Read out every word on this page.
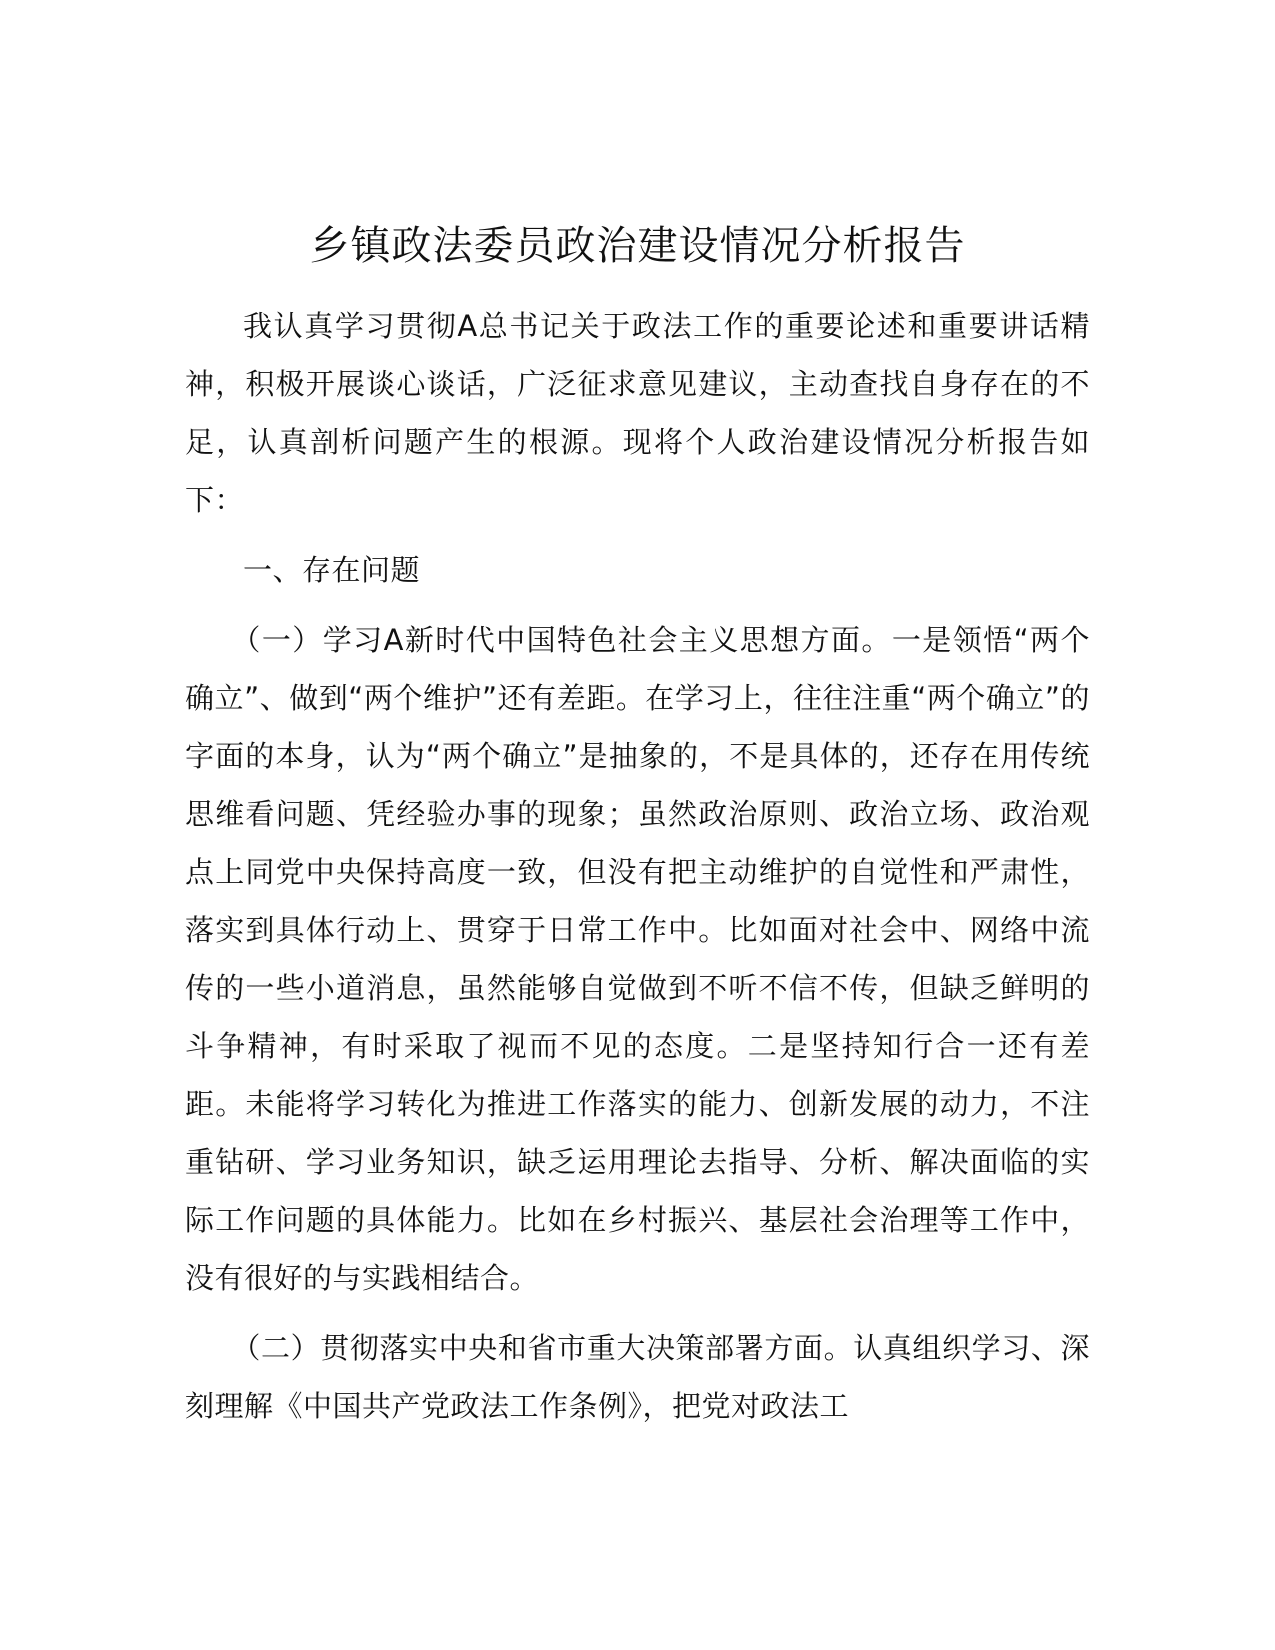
乡镇政法委员政治建设情况分析报告

我认真学习贯彻A总书记关于政法工作的重要论述和重要讲话精神，积极开展谈心谈话，广泛征求意见建议，主动查找自身存在的不足，认真剖析问题产生的根源。现将个人政治建设情况分析报告如下：

一、存在问题

（一）学习A新时代中国特色社会主义思想方面。一是领悟“两个确立”、做到“两个维护”还有差距。在学习上，往往注重“两个确立”的字面的本身，认为“两个确立”是抽象的，不是具体的，还存在用传统思维看问题、凭经验办事的现象；虽然政治原则、政治立场、政治观点上同党中央保持高度一致，但没有把主动维护的自觉性和严肃性，落实到具体行动上、贯穿于日常工作中。比如面对社会中、网络中流传的一些小道消息，虽然能够自觉做到不听不信不传，但缺乏鲜明的斗争精神，有时采取了视而不见的态度。二是坚持知行合一还有差距。未能将学习转化为推进工作落实的能力、创新发展的动力，不注重钻研、学习业务知识，缺乏运用理论去指导、分析、解决面临的实际工作问题的具体能力。比如在乡村振兴、基层社会治理等工作中，没有很好的与实践相结合。

（二）贯彻落实中央和省市重大决策部署方面。认真组织学习、深刻理解《中国共产党政法工作条例》，把党对政法工
